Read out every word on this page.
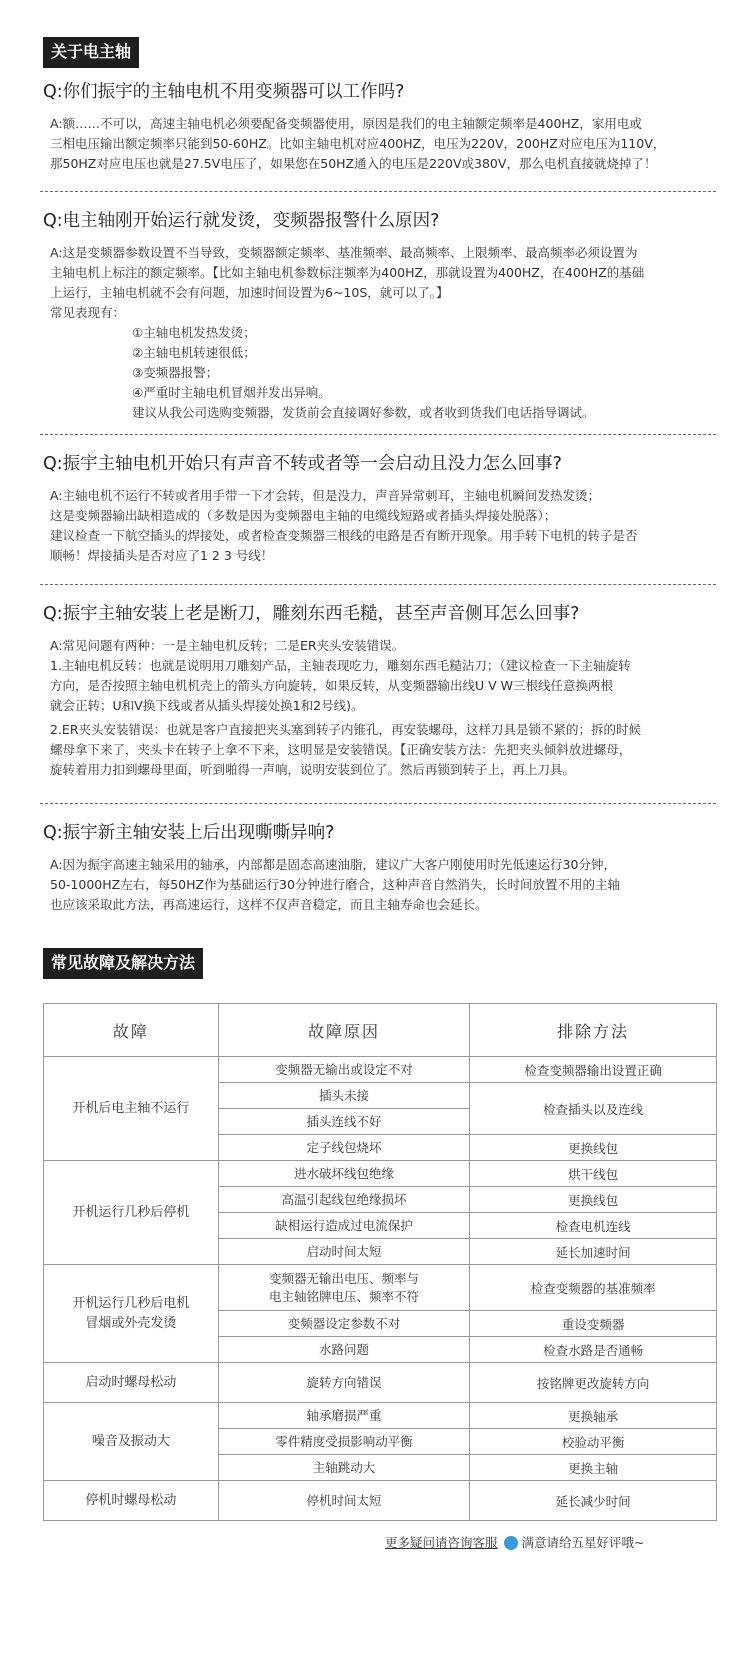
关于电主轴
Q:你们振宇的主轴电机不用变频器可以工作吗?

A:额……不可以，高速主轴电机必须要配备变频器使用，原因是我们的电主轴额定频率是400HZ，家用电或

三相电压输出额定频率只能到50-60HZ。比如主轴电机对应400HZ，电压为220V，200HZ对应电压为110V，

那50HZ对应电压也就是27.5V电压了，如果您在50HZ通入的电压是220V或380V，那么电机直接就烧掉了！

Q:电主轴刚开始运行就发烫，变频器报警什么原因?

A:这是变频器参数设置不当导致，变频器额定频率、基准频率、最高频率、上限频率、最高频率必须设置为

主轴电机上标注的额定频率。【比如主轴电机参数标注频率为400HZ，那就设置为400HZ，在400HZ的基础

上运行，主轴电机就不会有问题，加速时间设置为6~10S，就可以了。】

常见表现有：

①主轴电机发热发烫；

②主轴电机转速很低；

③变频器报警；

④严重时主轴电机冒烟并发出异响。

建议从我公司选购变频器，发货前会直接调好参数，或者收到货我们电话指导调试。

Q:振宇主轴电机开始只有声音不转或者等一会启动且没力怎么回事?

A:主轴电机不运行不转或者用手带一下才会转，但是没力，声音异常刺耳，主轴电机瞬间发热发烫；

这是变频器输出缺相造成的（多数是因为变频器电主轴的电缆线短路或者插头焊接处脱落）；

建议检查一下航空插头的焊接处，或者检查变频器三根线的电路是否有断开现象。用手转下电机的转子是否

顺畅！焊接插头是否对应了1 2 3 号线！

Q:振宇主轴安装上老是断刀，雕刻东西毛糙，甚至声音侧耳怎么回事?

A:常见问题有两种：一是主轴电机反转；二是ER夹头安装错误。

1.主轴电机反转：也就是说明用刀雕刻产品，主轴表现吃力，雕刻东西毛糙沾刀；（建议检查一下主轴旋转

方向，是否按照主轴电机机壳上的箭头方向旋转，如果反转，从变频器输出线U V W三根线任意换两根

就会正转；U和V换下线或者从插头焊接处换1和2号线)。

2.ER夹头安装错误：也就是客户直接把夹头塞到转子内锥孔，再安装螺母，这样刀具是锁不紧的；拆的时候

螺母拿下来了，夹头卡在转子上拿不下来，这明显是安装错误。【正确安装方法：先把夹头倾斜放进螺母，

旋转着用力扣到螺母里面，听到啪得一声响，说明安装到位了。然后再锁到转子上，再上刀具。

Q:振宇新主轴安装上后出现嘶嘶异响?

A:因为振宇高速主轴采用的轴承，内部都是固态高速油脂，建议广大客户刚使用时先低速运行30分钟，

50-1000HZ左右，每50HZ作为基础运行30分钟进行磨合，这种声音自然消失，长时间放置不用的主轴

也应该采取此方法，再高速运行，这样不仅声音稳定，而且主轴寿命也会延长。

常见故障及解决方法
故障	故障原因	排除方法
开机后电主轴不运行	变频器无输出或设定不对	检查变频器输出设置正确
	插头未接	检查插头以及连线
	插头连线不好	
	定子线包烧坏	更换线包
开机运行几秒后停机	进水破坏线包绝缘	烘干线包
	高温引起线包绝缘损坏	更换线包
	缺相运行造成过电流保护	检查电机连线
	启动时间太短	延长加速时间
开机运行几秒后电机
冒烟或外壳发烫	变频器无输出电压、频率与
电主轴铭牌电压、频率不符	检查变频器的基准频率
	变频器设定参数不对	重设变频器
	水路问题	检查水路是否通畅
启动时螺母松动	旋转方向错误	按铭牌更改旋转方向
噪音及振动大	轴承磨损严重	更换轴承
	零件精度受损影响动平衡	校验动平衡
	主轴跳动大	更换主轴
停机时螺母松动	停机时间太短	延长减少时间
更多疑问请咨询客服 满意请给五星好评哦~
